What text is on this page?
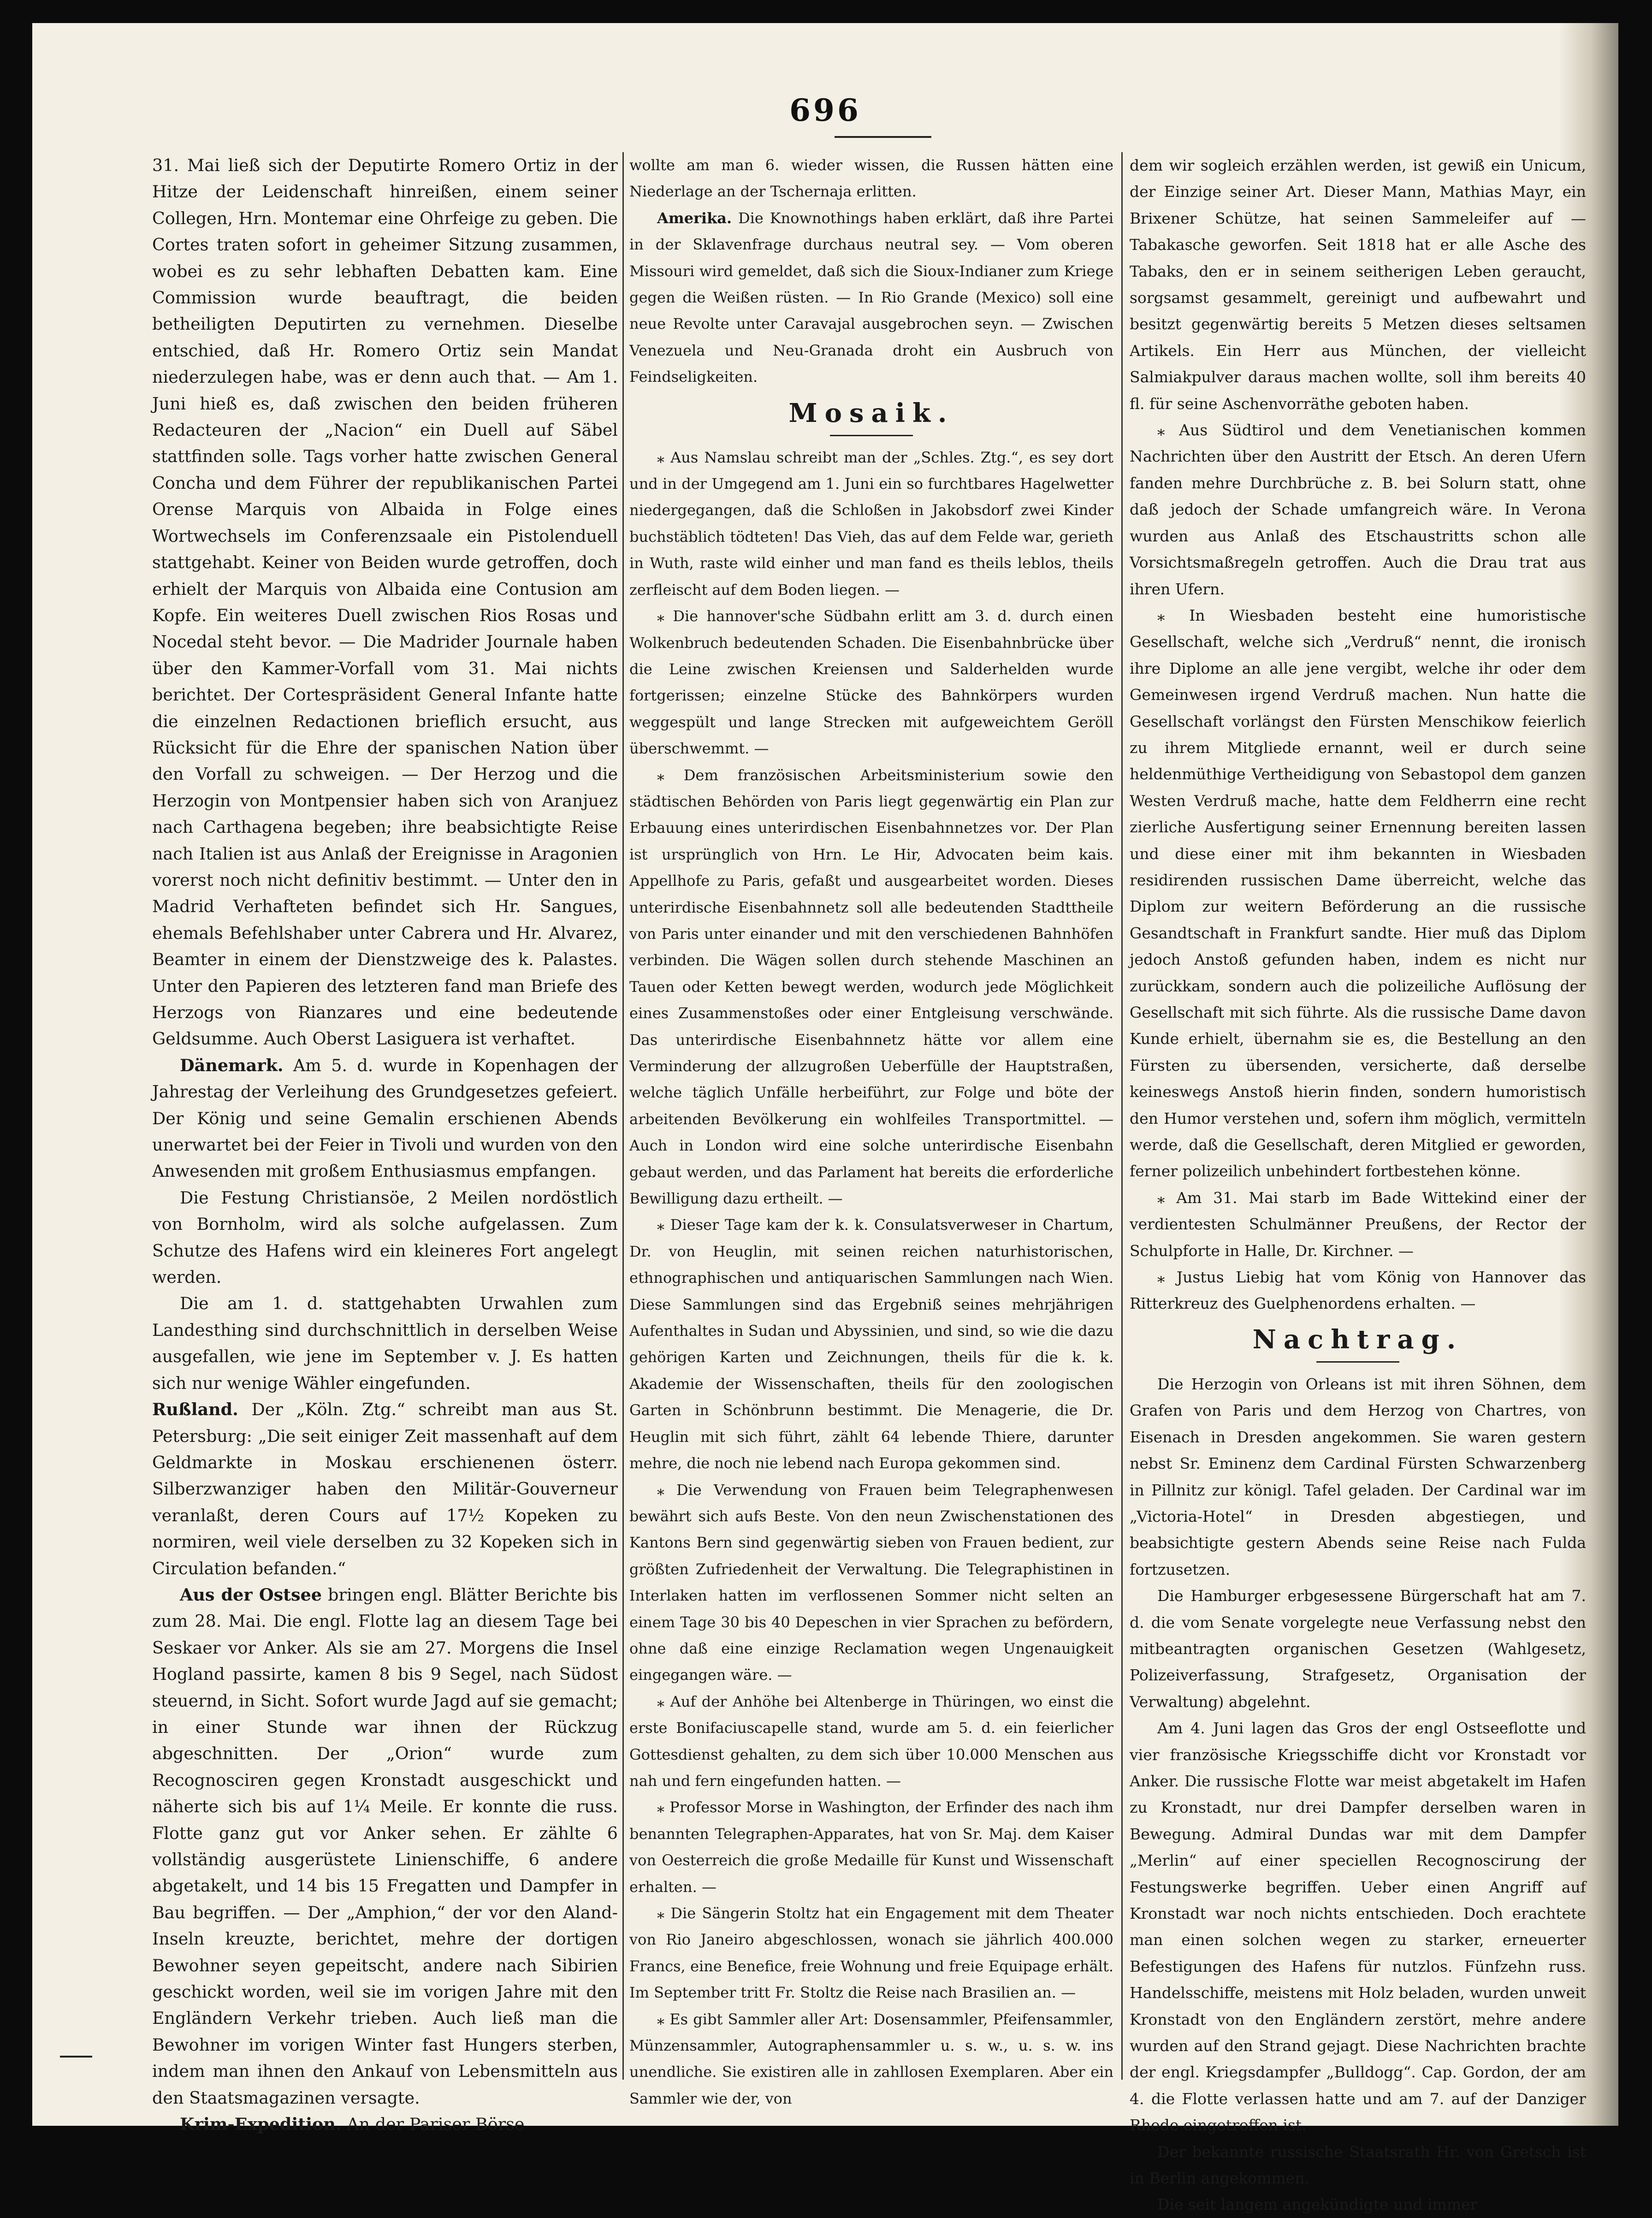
696

31. Mai ließ sich der Deputirte Romero Ortiz in der Hitze der Leidenschaft hinreißen, einem seiner Collegen, Hrn. Montemar eine Ohrfeige zu geben. Die Cortes traten sofort in geheimer Sitzung zusammen, wobei es zu sehr lebhaften Debatten kam. Eine Commission wurde beauftragt, die beiden betheiligten Deputirten zu vernehmen. Dieselbe entschied, daß Hr. Romero Ortiz sein Mandat niederzulegen habe, was er denn auch that. — Am 1. Juni hieß es, daß zwischen den beiden früheren Redacteuren der „Nacion“ ein Duell auf Säbel stattfinden solle. Tags vorher hatte zwischen General Concha und dem Führer der republikanischen Partei Orense Marquis von Albaida in Folge eines Wortwechsels im Conferenzsaale ein Pistolenduell stattgehabt. Keiner von Beiden wurde getroffen, doch erhielt der Marquis von Albaida eine Contusion am Kopfe. Ein weiteres Duell zwischen Rios Rosas und Nocedal steht bevor. — Die Madrider Journale haben über den Kammer-Vorfall vom 31. Mai nichts berichtet. Der Cortespräsident General Infante hatte die einzelnen Redactionen brieflich ersucht, aus Rücksicht für die Ehre der spanischen Nation über den Vorfall zu schweigen. — Der Herzog und die Herzogin von Montpensier haben sich von Aranjuez nach Carthagena begeben; ihre beabsichtigte Reise nach Italien ist aus Anlaß der Ereignisse in Aragonien vorerst noch nicht definitiv bestimmt. — Unter den in Madrid Verhafteten befindet sich Hr. Sangues, ehemals Befehlshaber unter Cabrera und Hr. Alvarez, Beamter in einem der Dienstzweige des k. Palastes. Unter den Papieren des letzteren fand man Briefe des Herzogs von Rianzares und eine bedeutende Geldsumme. Auch Oberst Lasiguera ist verhaftet.

Dänemark. Am 5. d. wurde in Kopenhagen der Jahrestag der Verleihung des Grundgesetzes gefeiert. Der König und seine Gemalin erschienen Abends unerwartet bei der Feier in Tivoli und wurden von den Anwesenden mit großem Enthusiasmus empfangen.

Die Festung Christiansöe, 2 Meilen nordöstlich von Bornholm, wird als solche aufgelassen. Zum Schutze des Hafens wird ein kleineres Fort angelegt werden.

Die am 1. d. stattgehabten Urwahlen zum Landesthing sind durchschnittlich in derselben Weise ausgefallen, wie jene im September v. J. Es hatten sich nur wenige Wähler eingefunden.

Rußland. Der „Köln. Ztg.“ schreibt man aus St. Petersburg: „Die seit einiger Zeit massenhaft auf dem Geldmarkte in Moskau erschienenen österr. Silberzwanziger haben den Militär-Gouverneur veranlaßt, deren Cours auf 17½ Kopeken zu normiren, weil viele derselben zu 32 Kopeken sich in Circulation befanden.“

Aus der Ostsee bringen engl. Blätter Berichte bis zum 28. Mai. Die engl. Flotte lag an diesem Tage bei Seskaer vor Anker. Als sie am 27. Morgens die Insel Hogland passirte, kamen 8 bis 9 Segel, nach Südost steuernd, in Sicht. Sofort wurde Jagd auf sie gemacht; in einer Stunde war ihnen der Rückzug abgeschnitten. Der „Orion“ wurde zum Recognosciren gegen Kronstadt ausgeschickt und näherte sich bis auf 1¼ Meile. Er konnte die russ. Flotte ganz gut vor Anker sehen. Er zählte 6 vollständig ausgerüstete Linienschiffe, 6 andere abgetakelt, und 14 bis 15 Fregatten und Dampfer in Bau begriffen. — Der „Amphion,“ der vor den Aland-Inseln kreuzte, berichtet, mehre der dortigen Bewohner seyen gepeitscht, andere nach Sibirien geschickt worden, weil sie im vorigen Jahre mit den Engländern Verkehr trieben. Auch ließ man die Bewohner im vorigen Winter fast Hungers sterben, indem man ihnen den Ankauf von Lebensmitteln aus den Staatsmagazinen versagte.

Krim-Expedition. An der Pariser Börse

wollte am man 6. wieder wissen, die Russen hätten eine Niederlage an der Tschernaja erlitten.

Amerika. Die Knownothings haben erklärt, daß ihre Partei in der Sklavenfrage durchaus neutral sey. — Vom oberen Missouri wird gemeldet, daß sich die Sioux-Indianer zum Kriege gegen die Weißen rüsten. — In Rio Grande (Mexico) soll eine neue Revolte unter Caravajal ausgebrochen seyn. — Zwischen Venezuela und Neu-Granada droht ein Ausbruch von Feindseligkeiten.

Mosaik.

⁎ Aus Namslau schreibt man der „Schles. Ztg.“, es sey dort und in der Umgegend am 1. Juni ein so furchtbares Hagelwetter niedergegangen, daß die Schloßen in Jakobsdorf zwei Kinder buchstäblich tödteten! Das Vieh, das auf dem Felde war, gerieth in Wuth, raste wild einher und man fand es theils leblos, theils zerfleischt auf dem Boden liegen. —

⁎ Die hannover'sche Südbahn erlitt am 3. d. durch einen Wolkenbruch bedeutenden Schaden. Die Eisenbahnbrücke über die Leine zwischen Kreiensen und Salderhelden wurde fortgerissen; einzelne Stücke des Bahnkörpers wurden weggespült und lange Strecken mit aufgeweichtem Geröll überschwemmt. —

⁎ Dem französischen Arbeitsministerium sowie den städtischen Behörden von Paris liegt gegenwärtig ein Plan zur Erbauung eines unterirdischen Eisenbahnnetzes vor. Der Plan ist ursprünglich von Hrn. Le Hir, Advocaten beim kais. Appellhofe zu Paris, gefaßt und ausgearbeitet worden. Dieses unterirdische Eisenbahnnetz soll alle bedeutenden Stadttheile von Paris unter einander und mit den verschiedenen Bahnhöfen verbinden. Die Wägen sollen durch stehende Maschinen an Tauen oder Ketten bewegt werden, wodurch jede Möglichkeit eines Zusammenstoßes oder einer Entgleisung verschwände. Das unterirdische Eisenbahnnetz hätte vor allem eine Verminderung der allzugroßen Ueberfülle der Hauptstraßen, welche täglich Unfälle herbeiführt, zur Folge und böte der arbeitenden Bevölkerung ein wohlfeiles Transportmittel. — Auch in London wird eine solche unterirdische Eisenbahn gebaut werden, und das Parlament hat bereits die erforderliche Bewilligung dazu ertheilt. —

⁎ Dieser Tage kam der k. k. Consulatsverweser in Chartum, Dr. von Heuglin, mit seinen reichen naturhistorischen, ethnographischen und antiquarischen Sammlungen nach Wien. Diese Sammlungen sind das Ergebniß seines mehrjährigen Aufenthaltes in Sudan und Abyssinien, und sind, so wie die dazu gehörigen Karten und Zeichnungen, theils für die k. k. Akademie der Wissenschaften, theils für den zoologischen Garten in Schönbrunn bestimmt. Die Menagerie, die Dr. Heuglin mit sich führt, zählt 64 lebende Thiere, darunter mehre, die noch nie lebend nach Europa gekommen sind.

⁎ Die Verwendung von Frauen beim Telegraphenwesen bewährt sich aufs Beste. Von den neun Zwischenstationen des Kantons Bern sind gegenwärtig sieben von Frauen bedient, zur größten Zufriedenheit der Verwaltung. Die Telegraphistinen in Interlaken hatten im verflossenen Sommer nicht selten an einem Tage 30 bis 40 Depeschen in vier Sprachen zu befördern, ohne daß eine einzige Reclamation wegen Ungenauigkeit eingegangen wäre. —

⁎ Auf der Anhöhe bei Altenberge in Thüringen, wo einst die erste Bonifaciuscapelle stand, wurde am 5. d. ein feierlicher Gottesdienst gehalten, zu dem sich über 10.000 Menschen aus nah und fern eingefunden hatten. —

⁎ Professor Morse in Washington, der Erfinder des nach ihm benannten Telegraphen-Apparates, hat von Sr. Maj. dem Kaiser von Oesterreich die große Medaille für Kunst und Wissenschaft erhalten. —

⁎ Die Sängerin Stoltz hat ein Engagement mit dem Theater von Rio Janeiro abgeschlossen, wonach sie jährlich 400.000 Francs, eine Benefice, freie Wohnung und freie Equipage erhält. Im September tritt Fr. Stoltz die Reise nach Brasilien an. —

⁎ Es gibt Sammler aller Art: Dosensammler, Pfeifensammler, Münzensammler, Autographensammler u. s. w., u. s. w. ins unendliche. Sie existiren alle in zahllosen Exemplaren. Aber ein Sammler wie der, von

dem wir sogleich erzählen werden, ist gewiß ein Unicum, der Einzige seiner Art. Dieser Mann, Mathias Mayr, ein Brixener Schütze, hat seinen Sammeleifer auf — Tabakasche geworfen. Seit 1818 hat er alle Asche des Tabaks, den er in seinem seitherigen Leben geraucht, sorgsamst gesammelt, gereinigt und aufbewahrt und besitzt gegenwärtig bereits 5 Metzen dieses seltsamen Artikels. Ein Herr aus München, der vielleicht Salmiakpulver daraus machen wollte, soll ihm bereits 40 fl. für seine Aschenvorräthe geboten haben.

⁎ Aus Südtirol und dem Venetianischen kommen Nachrichten über den Austritt der Etsch. An deren Ufern fanden mehre Durchbrüche z. B. bei Solurn statt, ohne daß jedoch der Schade umfangreich wäre. In Verona wurden aus Anlaß des Etschaustritts schon alle Vorsichtsmaßregeln getroffen. Auch die Drau trat aus ihren Ufern.

⁎ In Wiesbaden besteht eine humoristische Gesellschaft, welche sich „Verdruß“ nennt, die ironisch ihre Diplome an alle jene vergibt, welche ihr oder dem Gemeinwesen irgend Verdruß machen. Nun hatte die Gesellschaft vorlängst den Fürsten Menschikow feierlich zu ihrem Mitgliede ernannt, weil er durch seine heldenmüthige Vertheidigung von Sebastopol dem ganzen Westen Verdruß mache, hatte dem Feldherrn eine recht zierliche Ausfertigung seiner Ernennung bereiten lassen und diese einer mit ihm bekannten in Wiesbaden residirenden russischen Dame überreicht, welche das Diplom zur weitern Beförderung an die russische Gesandtschaft in Frankfurt sandte. Hier muß das Diplom jedoch Anstoß gefunden haben, indem es nicht nur zurückkam, sondern auch die polizeiliche Auflösung der Gesellschaft mit sich führte. Als die russische Dame davon Kunde erhielt, übernahm sie es, die Bestellung an den Fürsten zu übersenden, versicherte, daß derselbe keineswegs Anstoß hierin finden, sondern humoristisch den Humor verstehen und, sofern ihm möglich, vermitteln werde, daß die Gesellschaft, deren Mitglied er geworden, ferner polizeilich unbehindert fortbestehen könne.

⁎ Am 31. Mai starb im Bade Wittekind einer der verdientesten Schulmänner Preußens, der Rector der Schulpforte in Halle, Dr. Kirchner. —

⁎ Justus Liebig hat vom König von Hannover das Ritterkreuz des Guelphenordens erhalten. —

Nachtrag.

Die Herzogin von Orleans ist mit ihren Söhnen, dem Grafen von Paris und dem Herzog von Chartres, von Eisenach in Dresden angekommen. Sie waren gestern nebst Sr. Eminenz dem Cardinal Fürsten Schwarzenberg in Pillnitz zur königl. Tafel geladen. Der Cardinal war im „Victoria-Hotel“ in Dresden abgestiegen, und beabsichtigte gestern Abends seine Reise nach Fulda fortzusetzen.

Die Hamburger erbgesessene Bürgerschaft hat am 7. d. die vom Senate vorgelegte neue Verfassung nebst den mitbeantragten organischen Gesetzen (Wahlgesetz, Polizeiverfassung, Strafgesetz, Organisation der Verwaltung) abgelehnt.

Am 4. Juni lagen das Gros der engl Ostseeflotte und vier französische Kriegsschiffe dicht vor Kronstadt vor Anker. Die russische Flotte war meist abgetakelt im Hafen zu Kronstadt, nur drei Dampfer derselben waren in Bewegung. Admiral Dundas war mit dem Dampfer „Merlin“ auf einer speciellen Recognoscirung der Festungswerke begriffen. Ueber einen Angriff auf Kronstadt war noch nichts entschieden. Doch erachtete man einen solchen wegen zu starker, erneuerter Befestigungen des Hafens für nutzlos. Fünfzehn russ. Handelsschiffe, meistens mit Holz beladen, wurden unweit Kronstadt von den Engländern zerstört, mehre andere wurden auf den Strand gejagt. Diese Nachrichten brachte der engl. Kriegsdampfer „Bulldogg“. Cap. Gordon, der am 4. die Flotte verlassen hatte und am 7. auf der Danziger Rhede eingetroffen ist.

Der bekannte russische Staatsrath Hr. von Gretsch ist in Berlin angekommen.

Die seit langem angekündigte und immer
